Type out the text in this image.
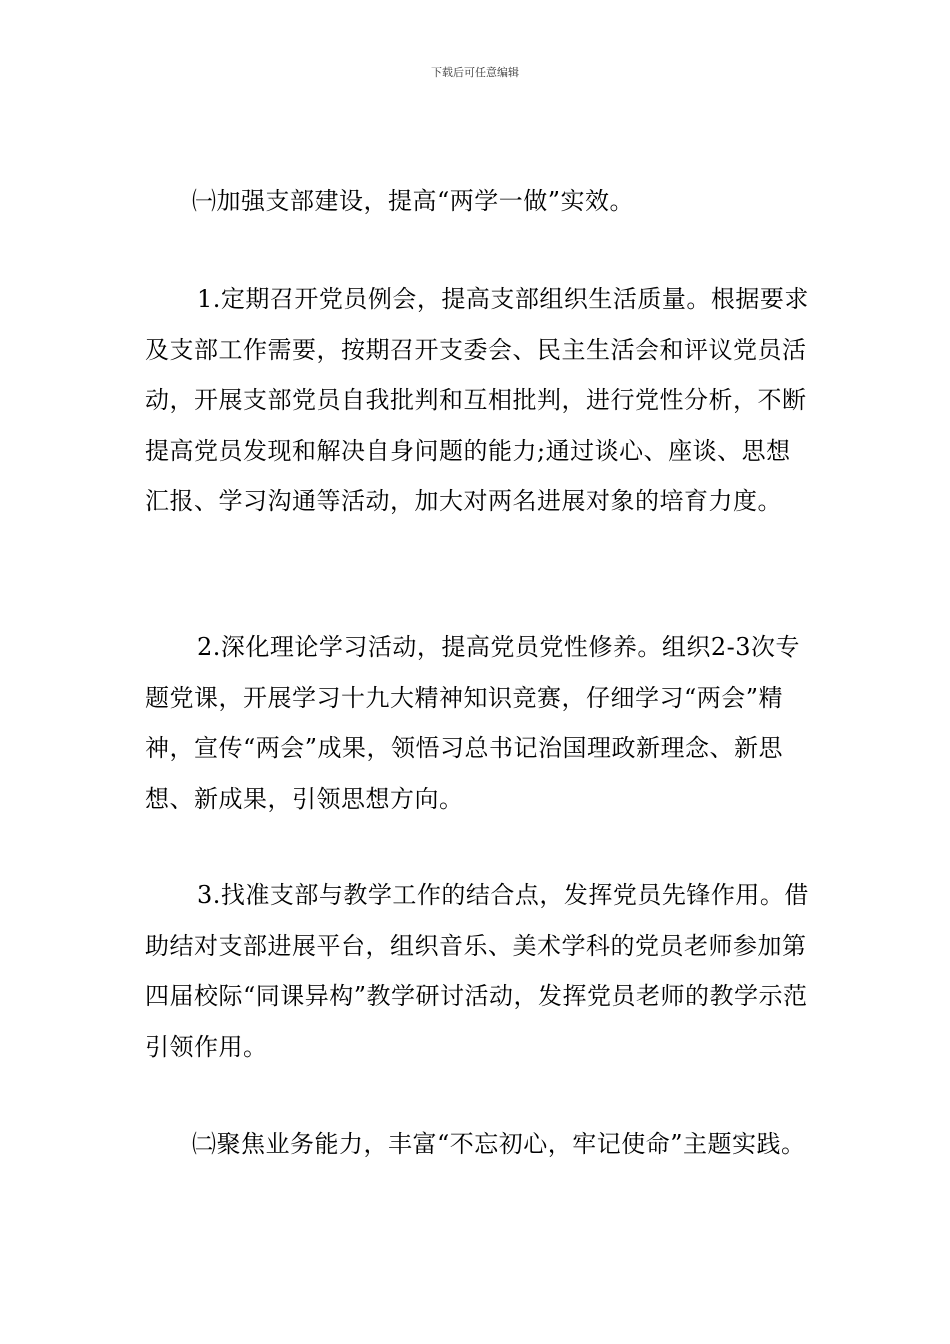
下载后可任意编辑

㈠加强支部建设，提高“两学一做”实效。

1.定期召开党员例会，提高支部组织生活质量。根据要求及支部工作需要，按期召开支委会、民主生活会和评议党员活动，开展支部党员自我批判和互相批判，进行党性分析，不断提高党员发现和解决自身问题的能力;通过谈心、座谈、思想汇报、学习沟通等活动，加大对两名进展对象的培育力度。

2.深化理论学习活动，提高党员党性修养。组织2-3次专题党课，开展学习十九大精神知识竞赛，仔细学习“两会”精神，宣传“两会”成果，领悟习总书记治国理政新理念、新思想、新成果，引领思想方向。

3.找准支部与教学工作的结合点，发挥党员先锋作用。借助结对支部进展平台，组织音乐、美术学科的党员老师参加第四届校际“同课异构”教学研讨活动，发挥党员老师的教学示范引领作用。

㈡聚焦业务能力，丰富“不忘初心，牢记使命”主题实践。
